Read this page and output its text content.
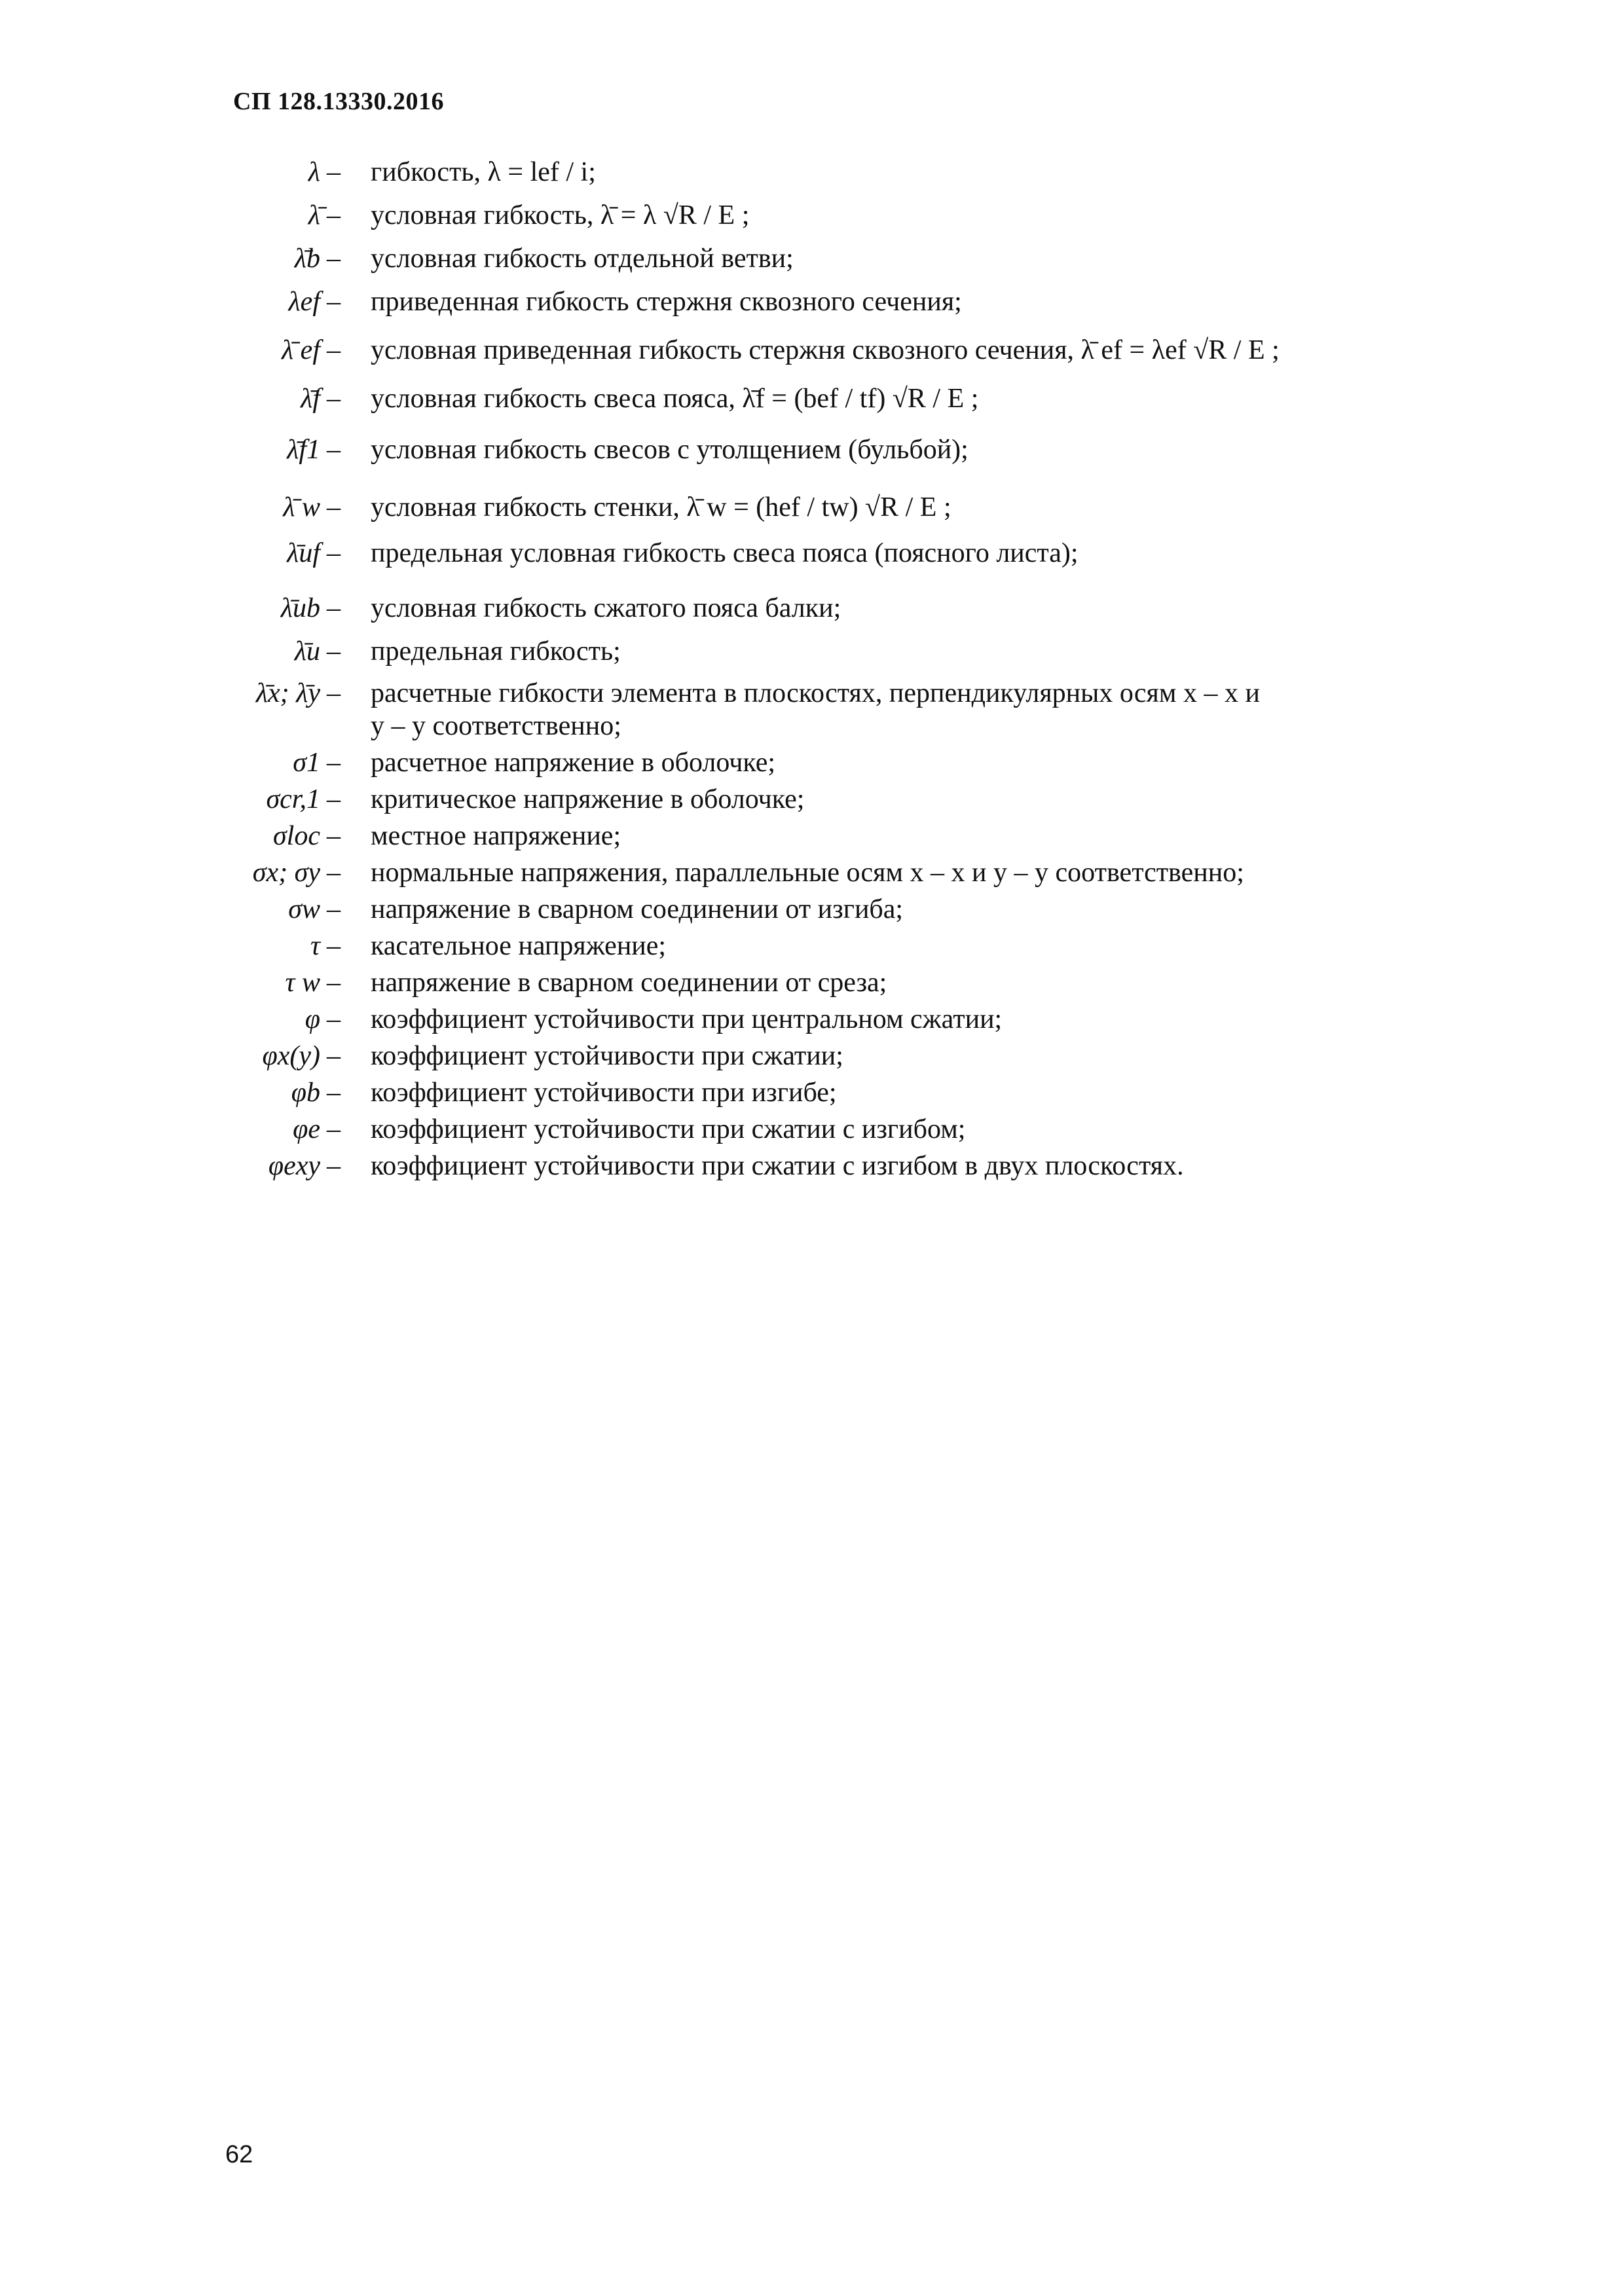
СП 128.13330.2016
λ – гибкость, λ = lef / i;
λ̄ – условная гибкость, λ̄ = λ √R / E ;
λ̄b – условная гибкость отдельной ветви;
λef – приведенная гибкость стержня сквозного сечения;
λ̄ ef – условная приведенная гибкость стержня сквозного сечения, λ̄ ef = λef √R / E ;
λ̄f – условная гибкость свеса пояса, λ̄f = (bef / tf) √R / E ;
λ̄f1 – условная гибкость свесов с утолщением (бульбой);
λ̄ w – условная гибкость стенки, λ̄ w = (hef / tw) √R / E ;
λ̄uf – предельная условная гибкость свеса пояса (поясного листа);
λ̄ub – условная гибкость сжатого пояса балки;
λ̄u – предельная гибкость;
λ̄x; λ̄y – расчетные гибкости элемента в плоскостях, перпендикулярных осям x – x и
y – y соответственно;
σ1 – расчетное напряжение в оболочке;
σcr,1 – критическое напряжение в оболочке;
σloc – местное напряжение;
σx; σy – нормальные напряжения, параллельные осям x – x и y – y соответственно;
σw – напряжение в сварном соединении от изгиба;
τ – касательное напряжение;
τ w – напряжение в сварном соединении от среза;
φ – коэффициент устойчивости при центральном сжатии;
φx(y) – коэффициент устойчивости при сжатии;
φb – коэффициент устойчивости при изгибе;
φe – коэффициент устойчивости при сжатии с изгибом;
φexy – коэффициент устойчивости при сжатии с изгибом в двух плоскостях.
62
